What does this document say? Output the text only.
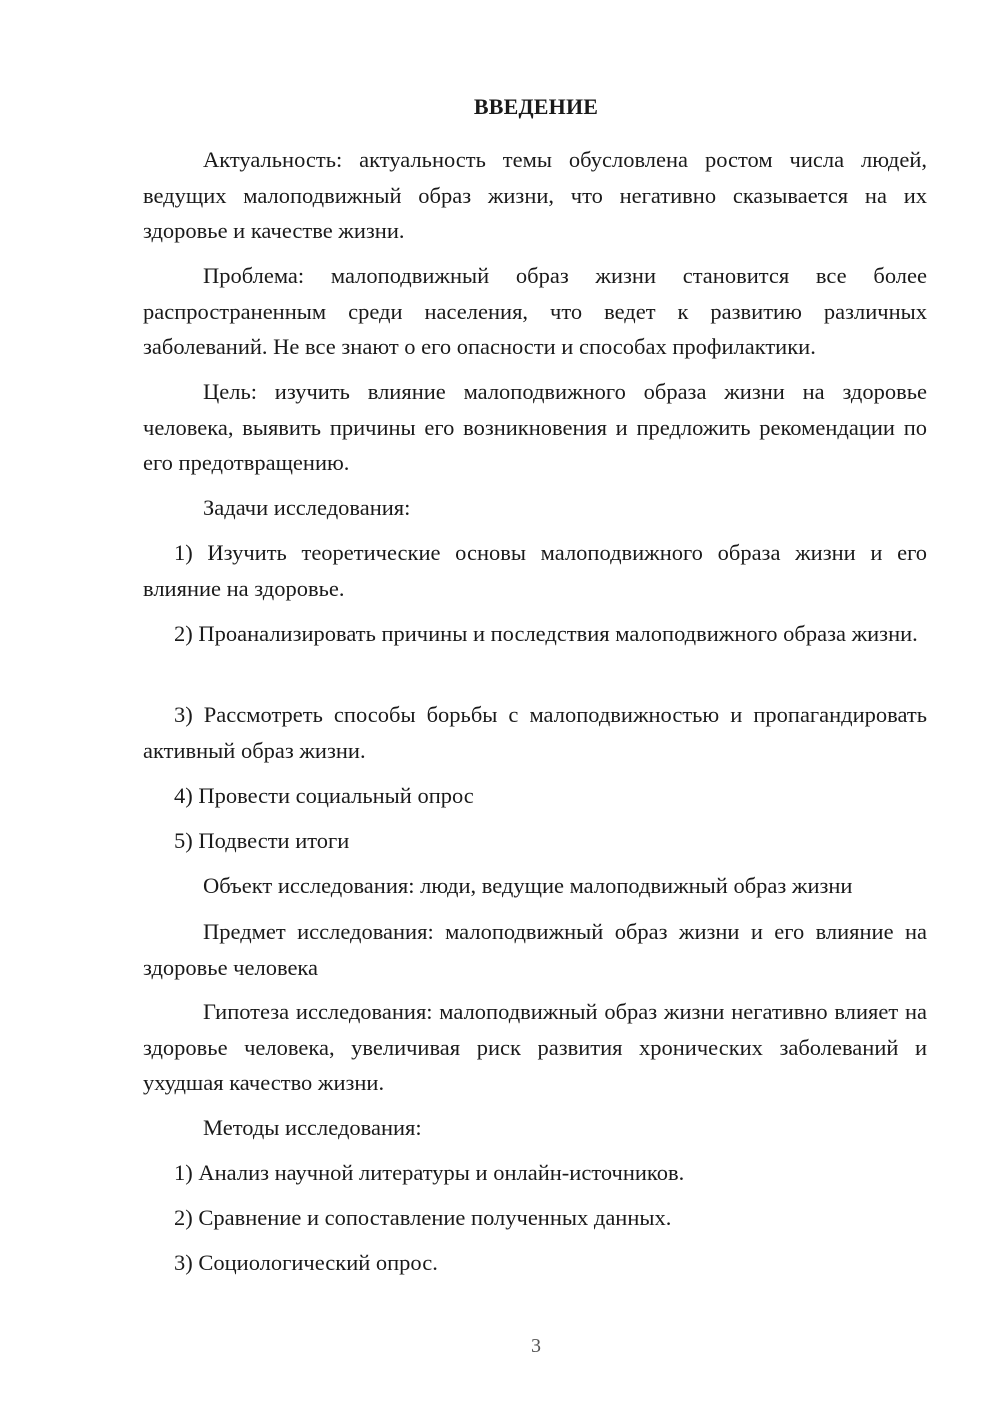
ВВЕДЕНИЕ

Актуальность: актуальность темы обусловлена ростом числа людей, ведущих малоподвижный образ жизни, что негативно сказывается на их здоровье и качестве жизни.

Проблема: малоподвижный образ жизни становится все более распространенным среди населения, что ведет к развитию различных заболеваний. Не все знают о его опасности и способах профилактики.

Цель: изучить влияние малоподвижного образа жизни на здоровье человека, выявить причины его возникновения и предложить рекомендации по его предотвращению.

Задачи исследования:

1) Изучить теоретические основы малоподвижного образа жизни и его влияние на здоровье.

2) Проанализировать причины и последствия малоподвижного образа жизни.

3) Рассмотреть способы борьбы с малоподвижностью и пропагандировать активный образ жизни.

4) Провести социальный опрос

5) Подвести итоги

Объект исследования: люди, ведущие малоподвижный образ жизни

Предмет исследования: малоподвижный образ жизни и его влияние на здоровье человека

Гипотеза исследования: малоподвижный образ жизни негативно влияет на здоровье человека, увеличивая риск развития хронических заболеваний и ухудшая качество жизни.

Методы исследования:

1) Анализ научной литературы и онлайн-источников.

2) Сравнение и сопоставление полученных данных.

3) Социологический опрос.

3
